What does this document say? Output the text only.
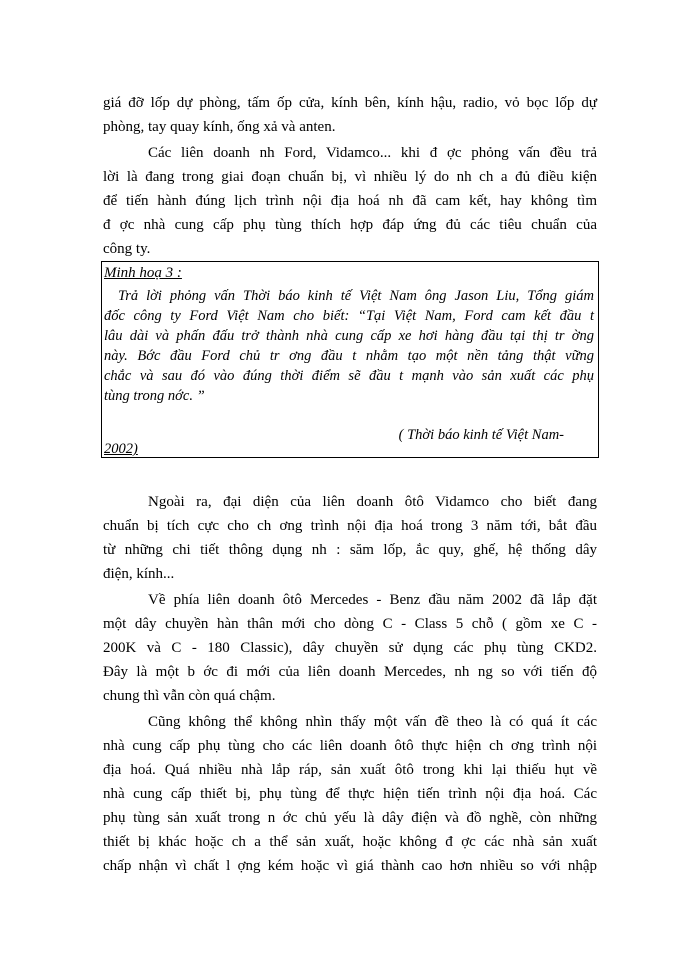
giá đỡ lốp dự phòng, tấm ốp cửa, kính bên, kính hậu, radio, vỏ bọc lốp dự
phòng, tay quay kính, ống xả và anten.
Các liên doanh nh Ford, Vidamco... khi đ ợc phỏng vấn đều trả
lời là đang trong giai đoạn chuẩn bị, vì nhiều lý do nh ch a đủ điều kiện
để tiến hành đúng lịch trình nội địa hoá nh đã cam kết, hay không tìm
đ ợc nhà cung cấp phụ tùng thích hợp đáp ứng đủ các tiêu chuẩn của
công ty.
Minh hoạ 3 :
Trả lời phỏng vấn Thời báo kinh tế Việt Nam ông Jason Liu, Tổng giám
đốc công ty Ford Việt Nam cho biết: “Tại Việt Nam, Ford cam kết đầu t
lâu dài và phấn đấu trở thành nhà cung cấp xe hơi hàng đầu tại thị tr ờng
này. Bớc đầu Ford chủ tr ơng đầu t nhằm tạo một nền tảng thật vững
chắc và sau đó vào đúng thời điểm sẽ đầu t mạnh vào sản xuất các phụ
tùng trong nớc. ”
( Thời báo kinh tế Việt Nam-
2002)
Ngoài ra, đại diện của liên doanh ôtô Vidamco cho biết đang
chuẩn bị tích cực cho ch ơng trình nội địa hoá trong 3 năm tới, bắt đầu
từ những chi tiết thông dụng nh : săm lốp, ắc quy, ghế, hệ thống dây
điện, kính...
Về phía liên doanh ôtô Mercedes - Benz đầu năm 2002 đã lắp đặt
một dây chuyền hàn thân mới cho dòng C - Class 5 chỗ ( gồm xe C -
200K và C - 180 Classic), dây chuyền sử dụng các phụ tùng CKD2.
Đây là một b ớc đi mới của liên doanh Mercedes, nh ng so với tiến độ
chung thì vẫn còn quá chậm.
Cũng không thể không nhìn thấy một vấn đề theo là có quá ít các
nhà cung cấp phụ tùng cho các liên doanh ôtô thực hiện ch ơng trình nội
địa hoá. Quá nhiều nhà lắp ráp, sản xuất ôtô trong khi lại thiếu hụt về
nhà cung cấp thiết bị, phụ tùng để thực hiện tiến trình nội địa hoá. Các
phụ tùng sản xuất trong n ớc chủ yếu là dây điện và đồ nghề, còn những
thiết bị khác hoặc ch a thể sản xuất, hoặc không đ ợc các nhà sản xuất
chấp nhận vì chất l ợng kém hoặc vì giá thành cao hơn nhiều so với nhập
